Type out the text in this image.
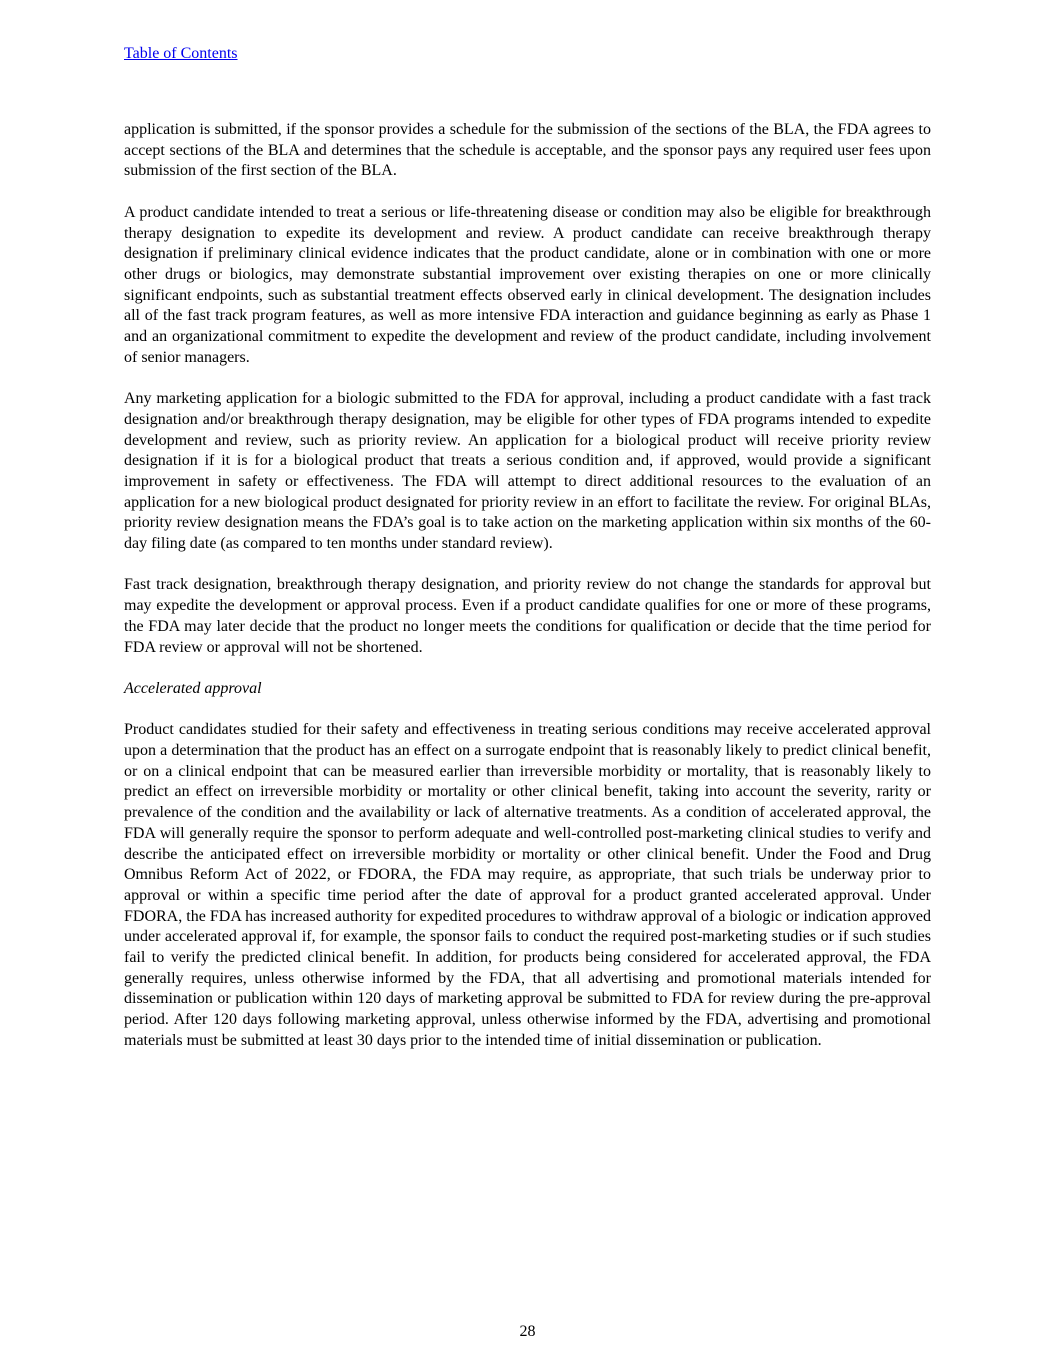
Table of Contents

application is submitted, if the sponsor provides a schedule for the submission of the sections of the BLA, the FDA agrees to accept sections of the BLA and determines that the schedule is acceptable, and the sponsor pays any required user fees upon submission of the first section of the BLA.

A product candidate intended to treat a serious or life-threatening disease or condition may also be eligible for breakthrough therapy designation to expedite its development and review. A product candidate can receive breakthrough therapy designation if preliminary clinical evidence indicates that the product candidate, alone or in combination with one or more other drugs or biologics, may demonstrate substantial improvement over existing therapies on one or more clinically significant endpoints, such as substantial treatment effects observed early in clinical development. The designation includes all of the fast track program features, as well as more intensive FDA interaction and guidance beginning as early as Phase 1 and an organizational commitment to expedite the development and review of the product candidate, including involvement of senior managers.

Any marketing application for a biologic submitted to the FDA for approval, including a product candidate with a fast track designation and/or breakthrough therapy designation, may be eligible for other types of FDA programs intended to expedite development and review, such as priority review. An application for a biological product will receive priority review designation if it is for a biological product that treats a serious condition and, if approved, would provide a significant improvement in safety or effectiveness. The FDA will attempt to direct additional resources to the evaluation of an application for a new biological product designated for priority review in an effort to facilitate the review. For original BLAs, priority review designation means the FDA’s goal is to take action on the marketing application within six months of the 60-day filing date (as compared to ten months under standard review).

Fast track designation, breakthrough therapy designation, and priority review do not change the standards for approval but may expedite the development or approval process. Even if a product candidate qualifies for one or more of these programs, the FDA may later decide that the product no longer meets the conditions for qualification or decide that the time period for FDA review or approval will not be shortened.

Accelerated approval

Product candidates studied for their safety and effectiveness in treating serious conditions may receive accelerated approval upon a determination that the product has an effect on a surrogate endpoint that is reasonably likely to predict clinical benefit, or on a clinical endpoint that can be measured earlier than irreversible morbidity or mortality, that is reasonably likely to predict an effect on irreversible morbidity or mortality or other clinical benefit, taking into account the severity, rarity or prevalence of the condition and the availability or lack of alternative treatments. As a condition of accelerated approval, the FDA will generally require the sponsor to perform adequate and well-controlled post-marketing clinical studies to verify and describe the anticipated effect on irreversible morbidity or mortality or other clinical benefit. Under the Food and Drug Omnibus Reform Act of 2022, or FDORA, the FDA may require, as appropriate, that such trials be underway prior to approval or within a specific time period after the date of approval for a product granted accelerated approval. Under FDORA, the FDA has increased authority for expedited procedures to withdraw approval of a biologic or indication approved under accelerated approval if, for example, the sponsor fails to conduct the required post-marketing studies or if such studies fail to verify the predicted clinical benefit. In addition, for products being considered for accelerated approval, the FDA generally requires, unless otherwise informed by the FDA, that all advertising and promotional materials intended for dissemination or publication within 120 days of marketing approval be submitted to FDA for review during the pre-approval period. After 120 days following marketing approval, unless otherwise informed by the FDA, advertising and promotional materials must be submitted at least 30 days prior to the intended time of initial dissemination or publication.

28
